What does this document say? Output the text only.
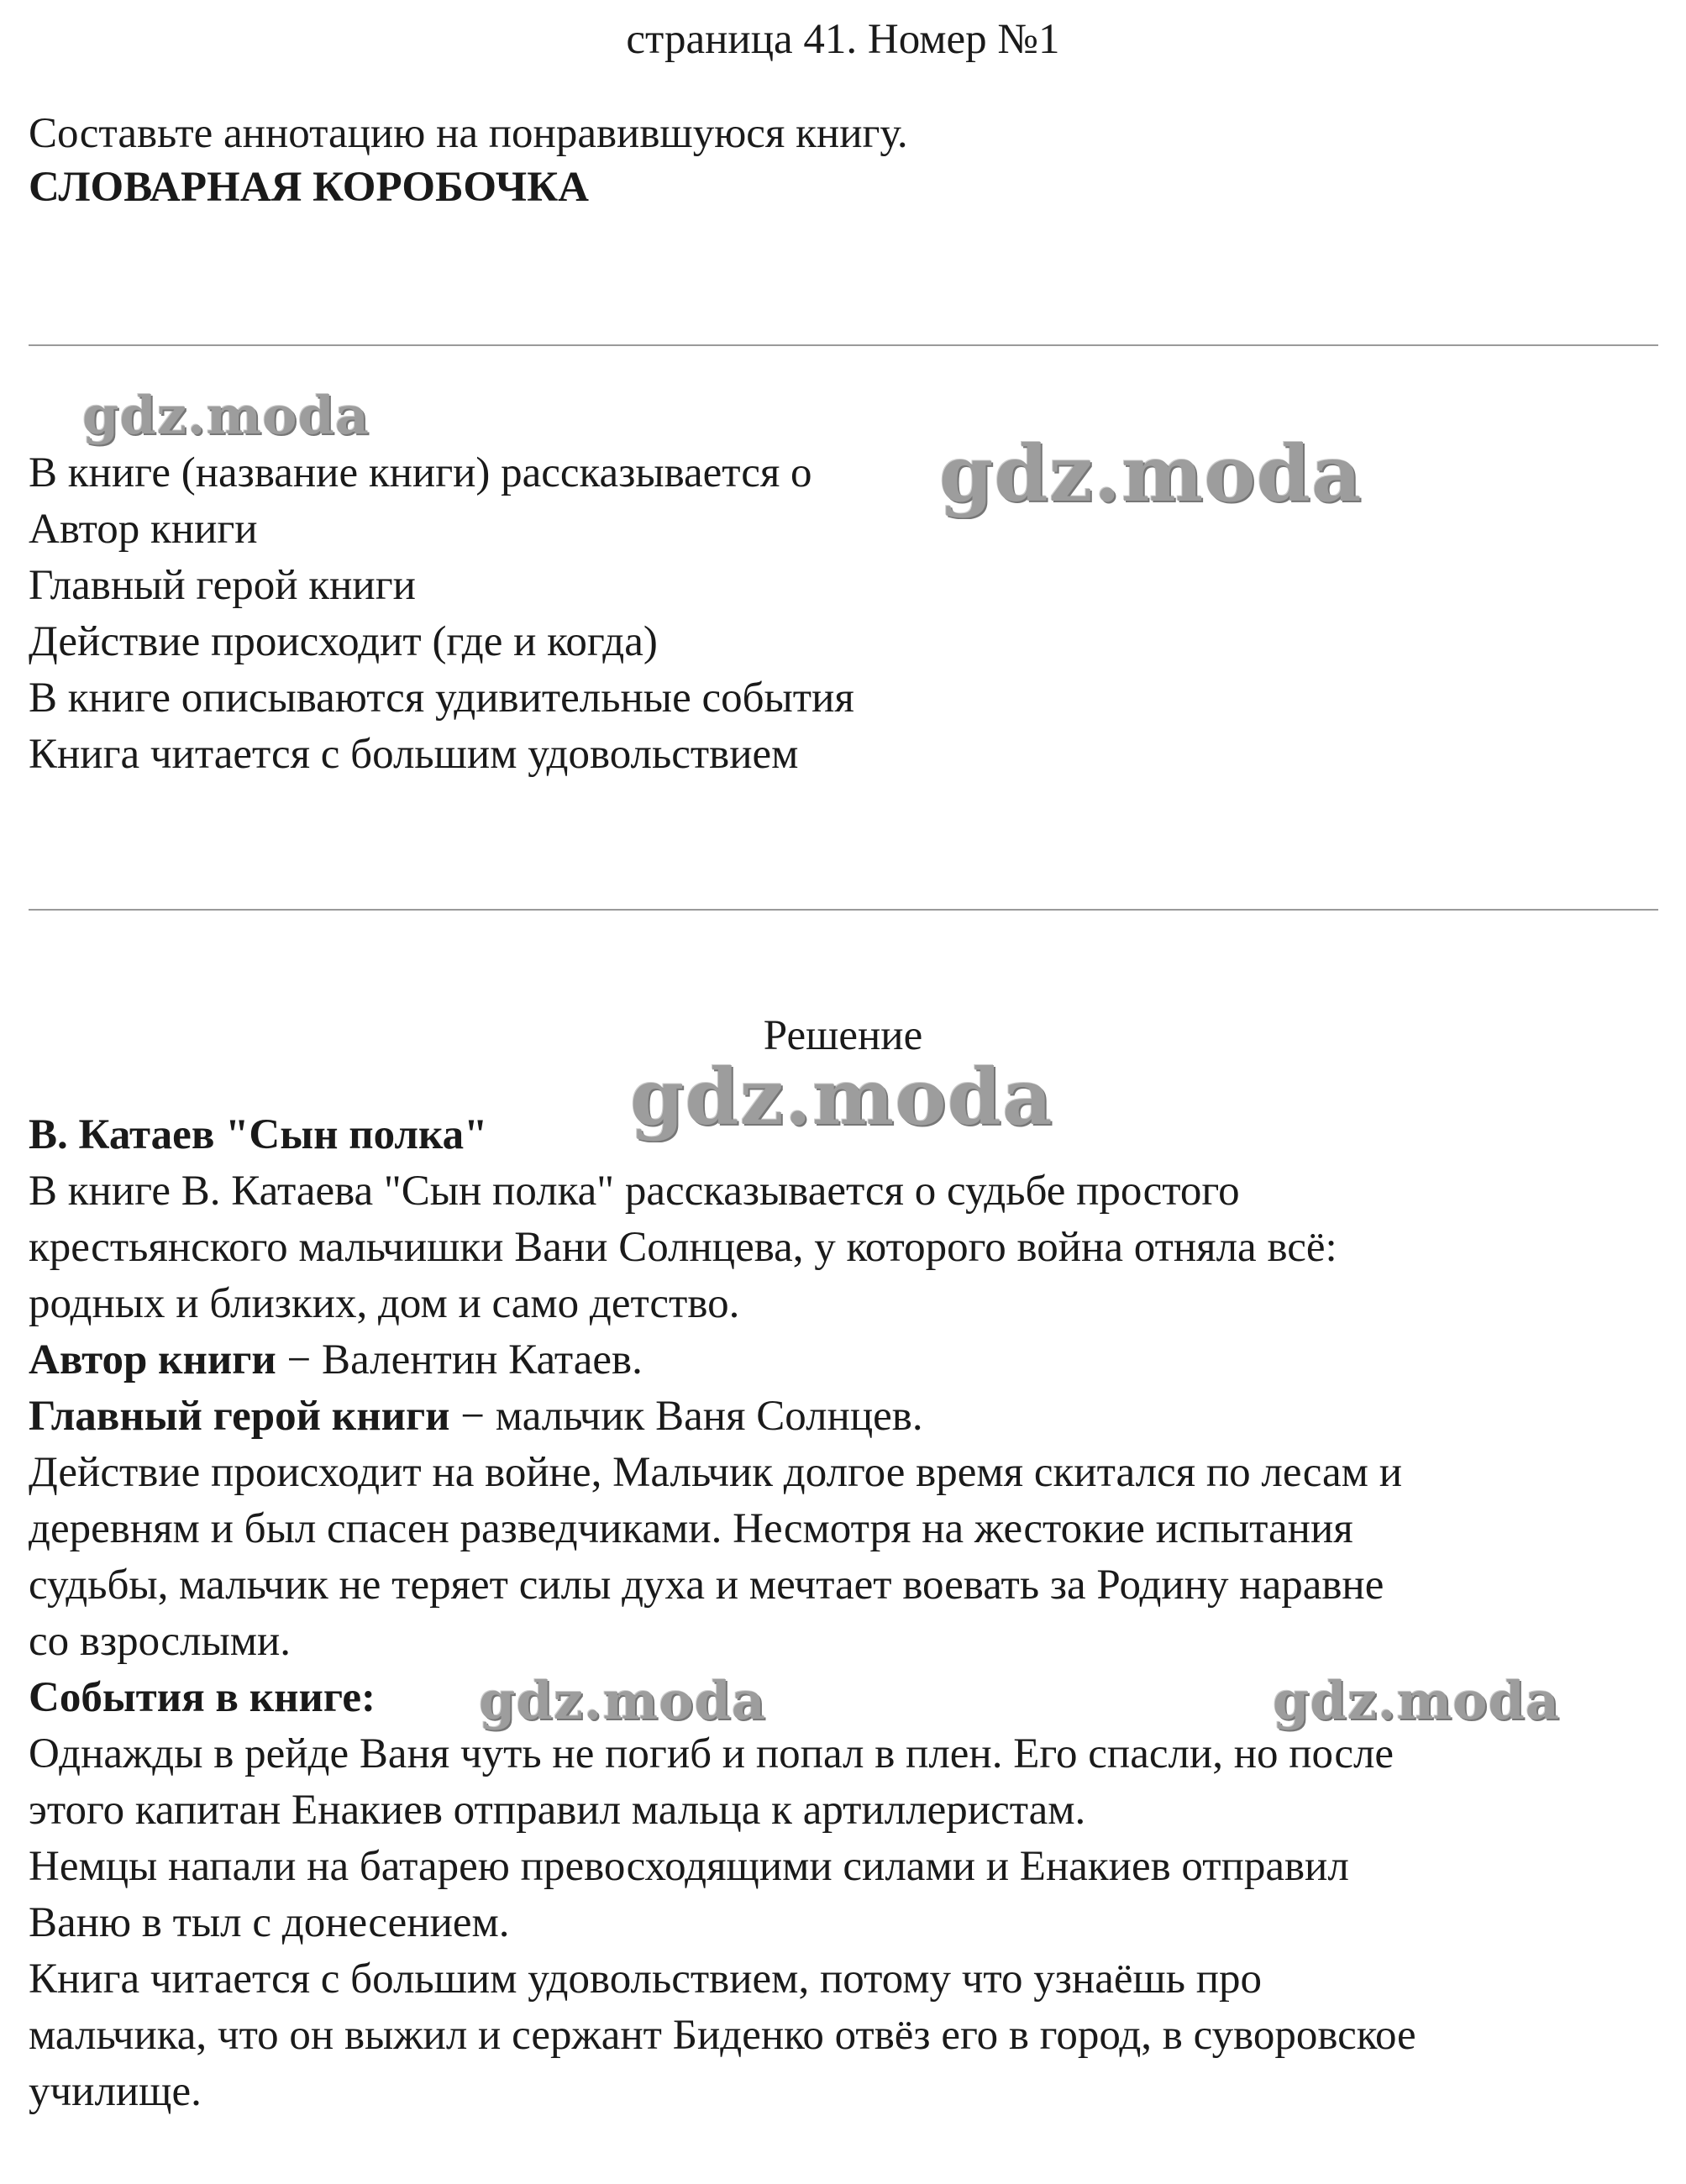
страница 41. Номер №1
Составьте аннотацию на понравившуюся книгу.
СЛОВАРНАЯ КОРОБОЧКА
В книге (название книги) рассказывается о
Автор книги
Главный герой книги
Действие происходит (где и когда)
В книге описываются удивительные события
Книга читается с большим удовольствием
Решение
В. Катаев "Сын полка"
В книге В. Катаева "Сын полка" рассказывается о судьбе простого
крестьянского мальчишки Вани Солнцева, у которого война отняла всё:
родных и близких, дом и само детство.
Автор книги − Валентин Катаев.
Главный герой книги − мальчик Ваня Солнцев.
Действие происходит на войне, Мальчик долгое время скитался по лесам и
деревням и был спасен разведчиками. Несмотря на жестокие испытания
судьбы, мальчик не теряет силы духа и мечтает воевать за Родину наравне
со взрослыми.
События в книге:
Однажды в рейде Ваня чуть не погиб и попал в плен. Его спасли, но после
этого капитан Енакиев отправил мальца к артиллеристам.
Немцы напали на батарею превосходящими силами и Енакиев отправил
Ваню в тыл с донесением.
Книга читается с большим удовольствием, потому что узнаёшь про
мальчика, что он выжил и сержант Биденко отвёз его в город, в суворовское
училище.
gdz.moda
gdz.moda
gdz.moda
gdz.moda	gdz.moda
